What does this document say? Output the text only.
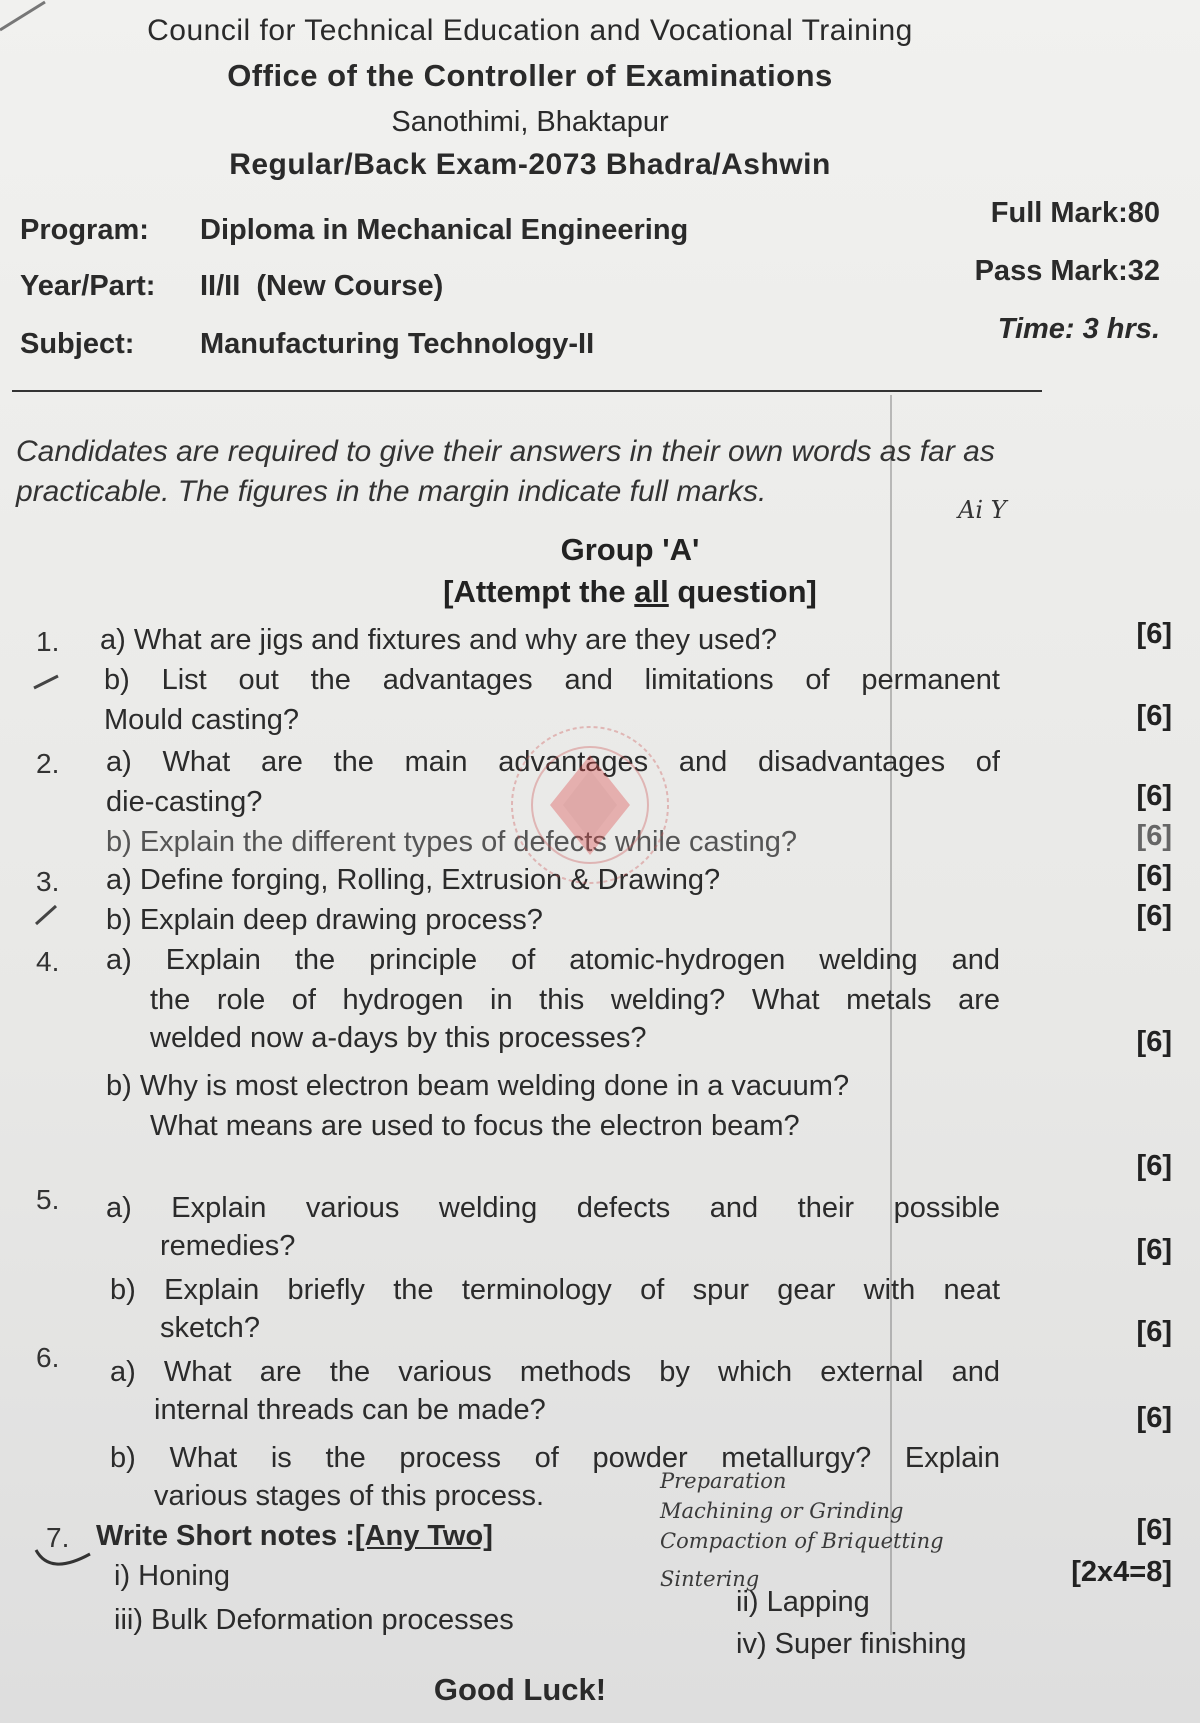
Council for Technical Education and Vocational Training
Office of the Controller of Examinations
Sanothimi, Bhaktapur
Regular/Back Exam-2073 Bhadra/Ashwin
Program: Diploma in Mechanical Engineering
Year/Part: II/II  (New Course)
Subject: Manufacturing Technology-II
Full Mark:80
Pass Mark:32
Time: 3 hrs.
Candidates are required to give their answers in their own words as far as practicable. The figures in the margin indicate full marks.
Group 'A'
[Attempt the all question]
1. a) What are jigs and fixtures and why are they used?	[6]
b) List out the advantages and limitations of permanent
Mould casting?	[6]
2. a) What are the main advantages and disadvantages of
die-casting?	[6]
b) Explain the different types of defects while casting?	[6]
3. a) Define forging, Rolling, Extrusion & Drawing?	[6]
b) Explain deep drawing process?	[6]
4. a) Explain the principle of atomic-hydrogen welding and
the role of hydrogen in this welding? What metals are
welded now a-days by this processes?	[6]
b) Why is most electron beam welding done in a vacuum?
What means are used to focus the electron beam?
[6]
5. a) Explain various welding defects and their possible
remedies?	[6]
b) Explain briefly the terminology of spur gear with neat
sketch?	[6]
6. a) What are the various methods by which external and
internal threads can be made?	[6]
b) What is the process of powder metallurgy? Explain
various stages of this process.
[6]
7. Write Short notes :[Any Two]
[2x4=8]
i) Honing
ii) Lapping
iii) Bulk Deformation processes
iv) Super finishing
Ai Y
Preparation
Machining or Grinding
Compaction of Briquetting
Sintering
Good Luck!
